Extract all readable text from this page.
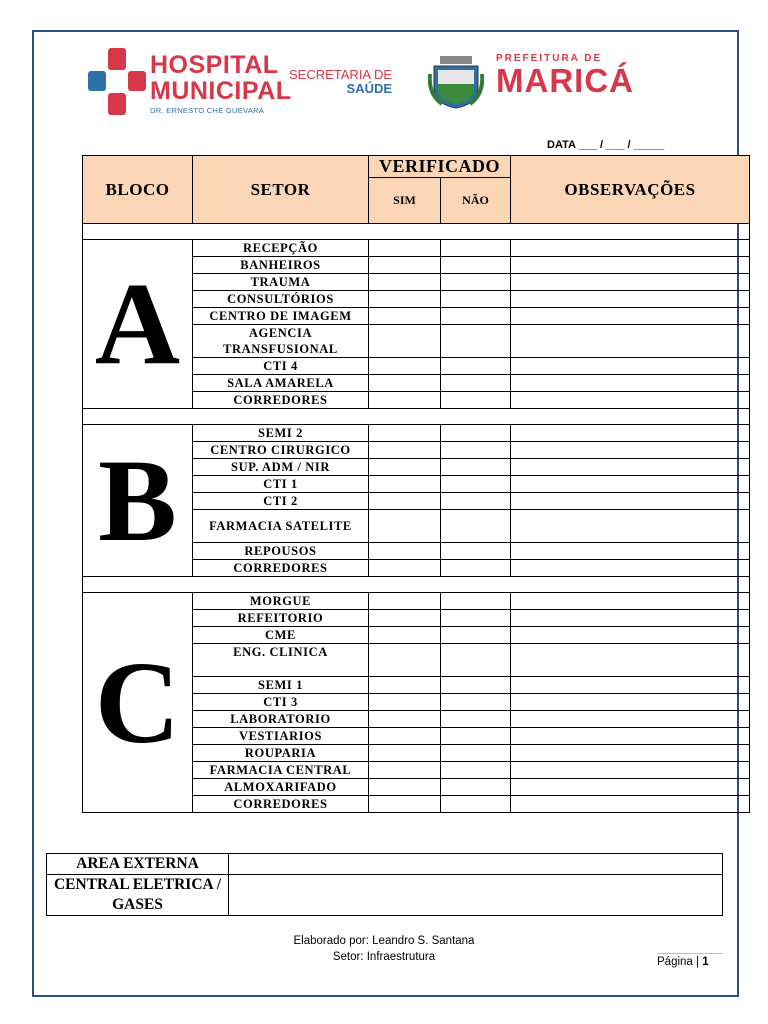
HOSPITAL
MUNICIPAL
DR. ERNESTO CHE GUEVARA
SECRETARIA DE
SAÚDE
PREFEITURA DE
MARICÁ
DATA ___ / ___ / _____
BLOCO	SETOR	VERIFICADO		OBSERVAÇÕES
		SIM	NÃO	

A	RECEPÇÃO			
	BANHEIROS			
	TRAUMA			
	CONSULTÓRIOS			
	CENTRO DE IMAGEM			
	AGENCIA TRANSFUSIONAL			
	CTI 4			
	SALA AMARELA			
	CORREDORES			

B	SEMI 2			
	CENTRO CIRURGICO			
	SUP. ADM / NIR			
	CTI 1			
	CTI 2			
	FARMACIA SATELITE			
	REPOUSOS			
	CORREDORES			

C	MORGUE			
	REFEITORIO			
	CME			
	ENG. CLINICA			
	SEMI 1			
	CTI 3			
	LABORATORIO			
	VESTIARIOS			
	ROUPARIA			
	FARMACIA CENTRAL			
	ALMOXARIFADO			
	CORREDORES			
AREA EXTERNA	
CENTRAL ELETRICA / GASES	
Elaborado por: Leandro S. Santana
Setor: Infraestrutura	Página | 1
